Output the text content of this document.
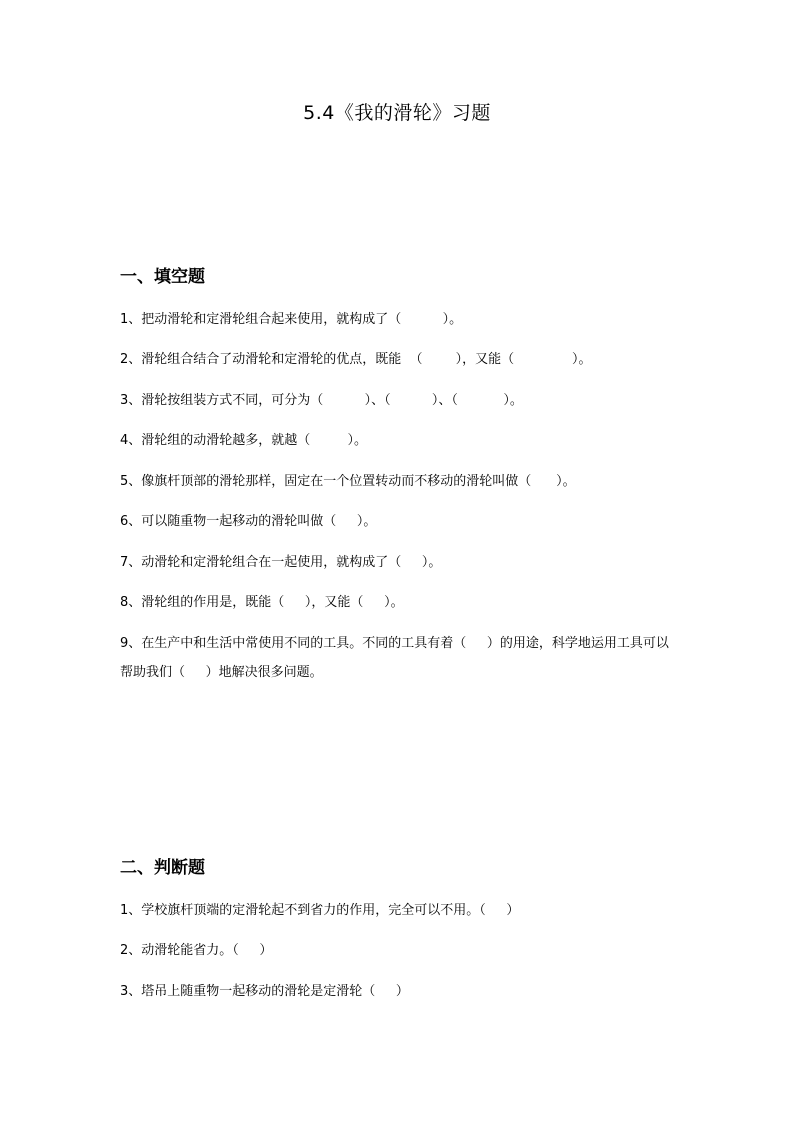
5.4《我的滑轮》习题
一、填空题
1、把动滑轮和定滑轮组合起来使用，就构成了（          ）。
2、滑轮组合结合了动滑轮和定滑轮的优点，既能  （        ），又能（              ）。
3、滑轮按组装方式不同，可分为（          ）、（          ）、（           ）。
4、滑轮组的动滑轮越多，就越（         ）。
5、像旗杆顶部的滑轮那样，固定在一个位置转动而不移动的滑轮叫做（      ）。
6、可以随重物一起移动的滑轮叫做（     ）。
7、动滑轮和定滑轮组合在一起使用，就构成了（     ）。
8、滑轮组的作用是，既能（     ），又能（     ）。
9、在生产中和生活中常使用不同的工具。不同的工具有着（     ）的用途，科学地运用工具可以帮助我们（     ）地解决很多问题。
二、判断题
1、学校旗杆顶端的定滑轮起不到省力的作用，完全可以不用。（     ）
2、动滑轮能省力。（     ）
3、塔吊上随重物一起移动的滑轮是定滑轮（     ）
